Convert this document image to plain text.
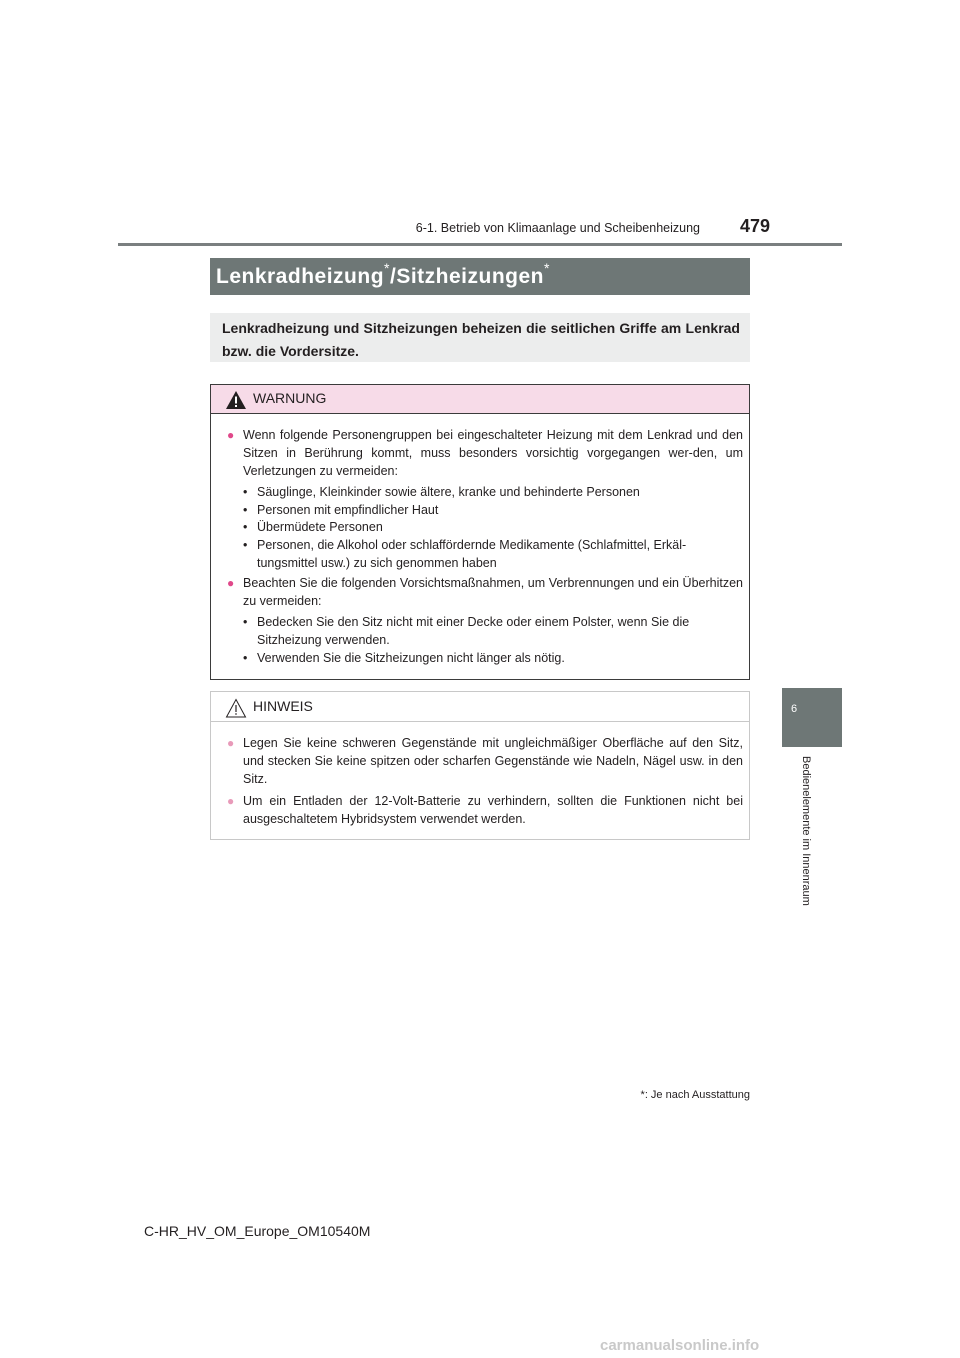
6-1. Betrieb von Klimaanlage und Scheibenheizung 479
6
Bedienelemente im Innenraum
Lenkradheizung*/Sitzheizungen*
Lenkradheizung und Sitzheizungen beheizen die seitlichen Griffe am Lenkrad bzw. die Vordersitze.
WARNUNG
● Wenn folgende Personengruppen bei eingeschalteter Heizung mit dem Lenkrad und den Sitzen in Berührung kommt, muss besonders vorsichtig vorgegangen wer-den, um Verletzungen zu vermeiden:
• Säuglinge, Kleinkinder sowie ältere, kranke und behinderte Personen
• Personen mit empfindlicher Haut
• Übermüdete Personen
• Personen, die Alkohol oder schlaffördernde Medikamente (Schlafmittel, Erkäl-tungsmittel usw.) zu sich genommen haben
● Beachten Sie die folgenden Vorsichtsmaßnahmen, um Verbrennungen und ein Überhitzen zu vermeiden:
• Bedecken Sie den Sitz nicht mit einer Decke oder einem Polster, wenn Sie die Sitzheizung verwenden.
• Verwenden Sie die Sitzheizungen nicht länger als nötig.
HINWEIS
● Legen Sie keine schweren Gegenstände mit ungleichmäßiger Oberfläche auf den Sitz, und stecken Sie keine spitzen oder scharfen Gegenstände wie Nadeln, Nägel usw. in den Sitz.
● Um ein Entladen der 12-Volt-Batterie zu verhindern, sollten die Funktionen nicht bei ausgeschaltetem Hybridsystem verwendet werden.
*: Je nach Ausstattung
C-HR_HV_OM_Europe_OM10540M
carmanualsonline.info
